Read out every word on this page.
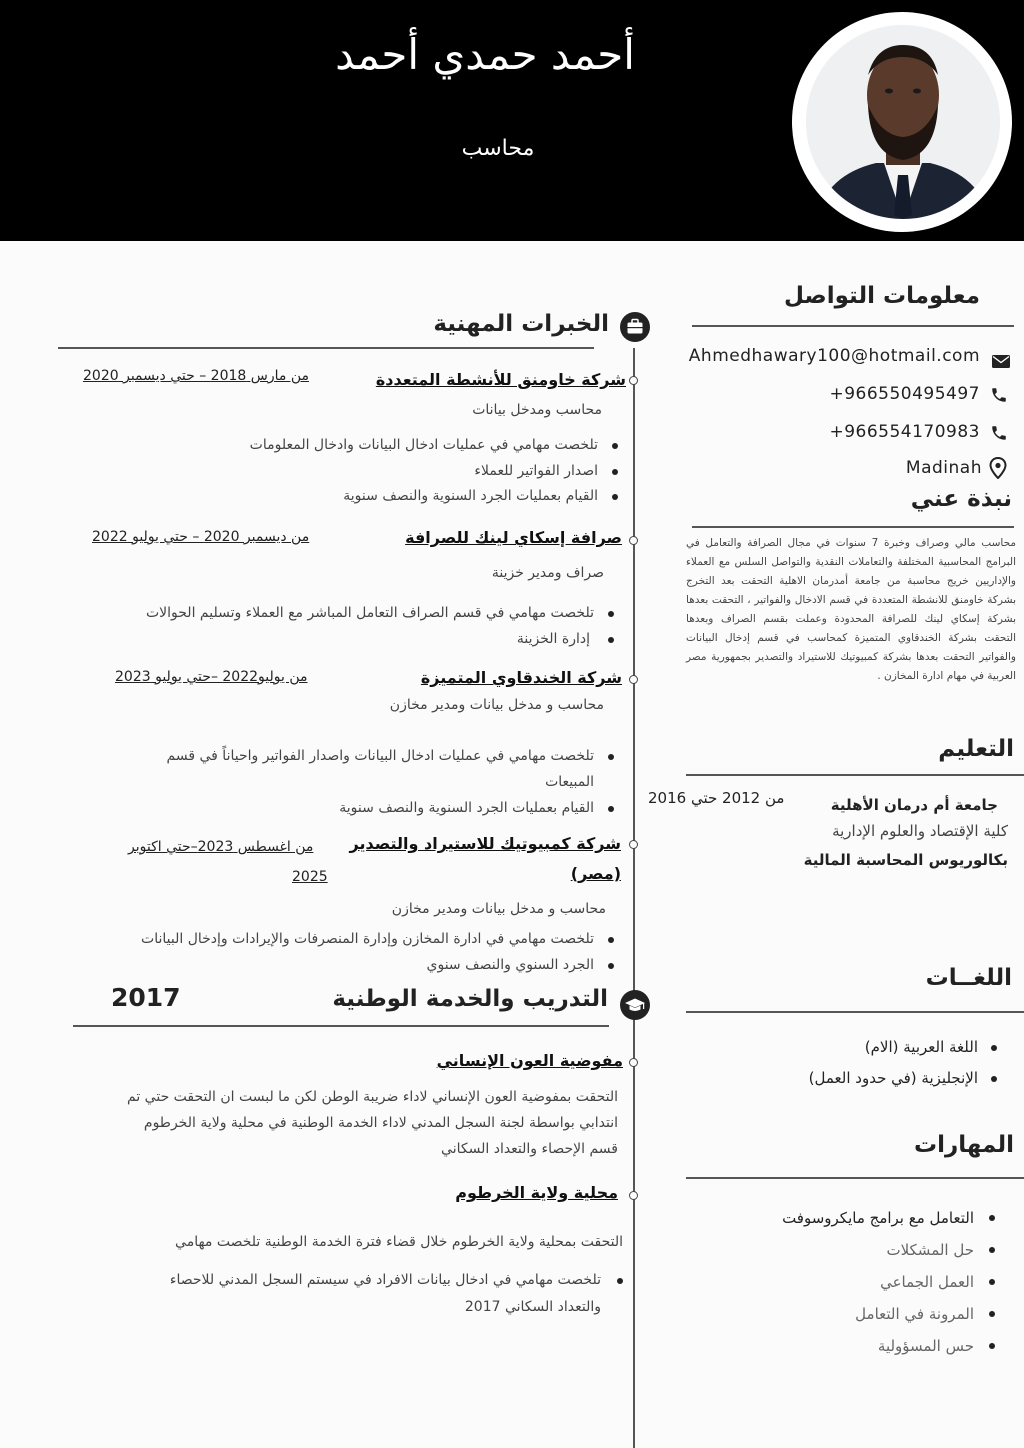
أحمد حمدي أحمد
محاسب
معلومات التواصل
Ahmedhawary100@hotmail.com
+966550495497
+966554170983
Madinah
نبذة عني
محاسب مالي وصراف وخبرة 7 سنوات في مجال الصرافة والتعامل في البرامج المحاسبية المختلفة والتعاملات النقدية والتواصل السلس مع العملاء والإداريين خريج محاسبة من جامعة أمدرمان الاهلية التحقت بعد التخرج بشركة خاومنق للانشطة المتعددة في قسم الادخال والفواتير ، التحقت بعدها بشركة إسكاي لينك للصرافة المحدودة وعملت بقسم الصراف وبعدها التحقت بشركة الخندقاوي المتميزة كمحاسب في قسم إدخال البيانات والفواتير التحقت بعدها بشركة كمبيوتيك للاستيراد والتصدير بجمهورية مصر العربية في مهام ادارة المخازن .
التعليم
من 2012 حتي 2016	جامعة أم درمان الأهلية
كلية الإقتصاد والعلوم الإدارية
بكالوريوس المحاسبة المالية
اللغــات
اللغة العربية (الام)
الإنجليزية (في حدود العمل)
المهارات
التعامل مع برامج مايكروسوفت
حل المشكلات
العمل الجماعي
المرونة في التعامل
حس المسؤولية
الخبرات المهنية
شركة خاومنق للأنشطة المتعددة
من مارس 2018 – حتي ديسمبر 2020
محاسب ومدخل بيانات
تلخصت مهامي في عمليات ادخال البيانات وادخال المعلومات
اصدار الفواتير للعملاء
القيام بعمليات الجرد السنوية والنصف سنوية
صرافة إسكاي لينك للصرافة
من ديسمبر 2020 – حتي يوليو 2022
صراف ومدير خزينة
تلخصت مهامي في قسم الصراف التعامل المباشر مع العملاء وتسليم الحوالات
إدارة الخزينة
شركة الخندقاوي المتميزة
من يوليو2022 –حتي يوليو 2023
محاسب و مدخل بيانات ومدير مخازن
تلخصت مهامي في عمليات ادخال البيانات واصدار الفواتير واحياناً في قسم
المبيعات
القيام بعمليات الجرد السنوية والنصف سنوية
شركة كمبيوتيك للاستيراد والتصدير
(مصر)
من اغسطس 2023–حتي اكتوبر
2025
محاسب و مدخل بيانات ومدير مخازن
تلخصت مهامي في ادارة المخازن وإدارة المنصرفات والإيرادات وإدخال البيانات
الجرد السنوي والنصف سنوي
التدريب والخدمة الوطنية
2017
مفوضية العون الإنساني
التحقت بمفوضية العون الإنساني لاداء ضريبة الوطن لكن ما لبست ان التحقت حتي تم
انتدابي بواسطة لجنة السجل المدني لاداء الخدمة الوطنية في محلية ولاية الخرطوم
قسم الإحصاء والتعداد السكاني
محلية ولاية الخرطوم
التحقت بمحلية ولاية الخرطوم خلال قضاء فترة الخدمة الوطنية تلخصت مهامي
تلخصت مهامي في ادخال بيانات الافراد في سيستم السجل المدني للاحصاء
والتعداد السكاني 2017
